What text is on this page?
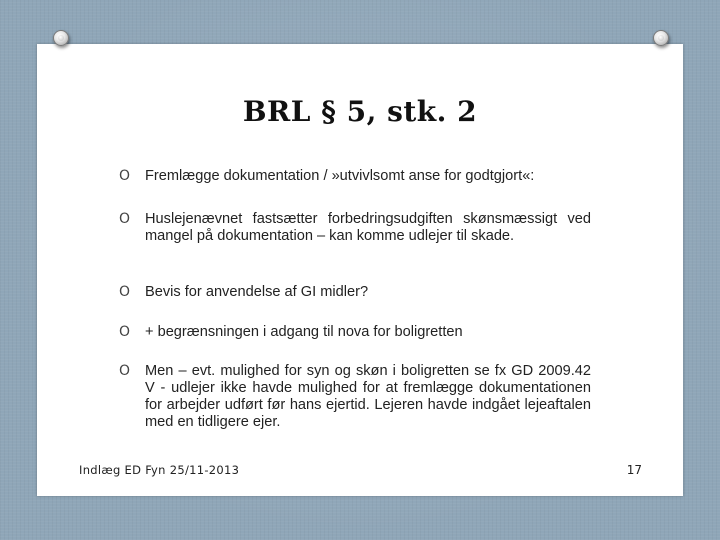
BRL § 5, stk. 2
O Fremlægge dokumentation / »utvivlsomt anse for godtgjort«:
O Huslejenævnet fastsætter forbedringsudgiften skønsmæssigt ved mangel på dokumentation – kan komme udlejer til skade.
O Bevis for anvendelse af GI midler?
O + begrænsningen i adgang til nova for boligretten
O Men – evt. mulighed for syn og skøn i boligretten se fx GD 2009.42 V - udlejer ikke havde mulighed for at fremlægge dokumentationen for arbejder udført før hans ejertid. Lejeren havde indgået lejeaftalen med en tidligere ejer.
Indlæg ED Fyn 25/11-2013	17
